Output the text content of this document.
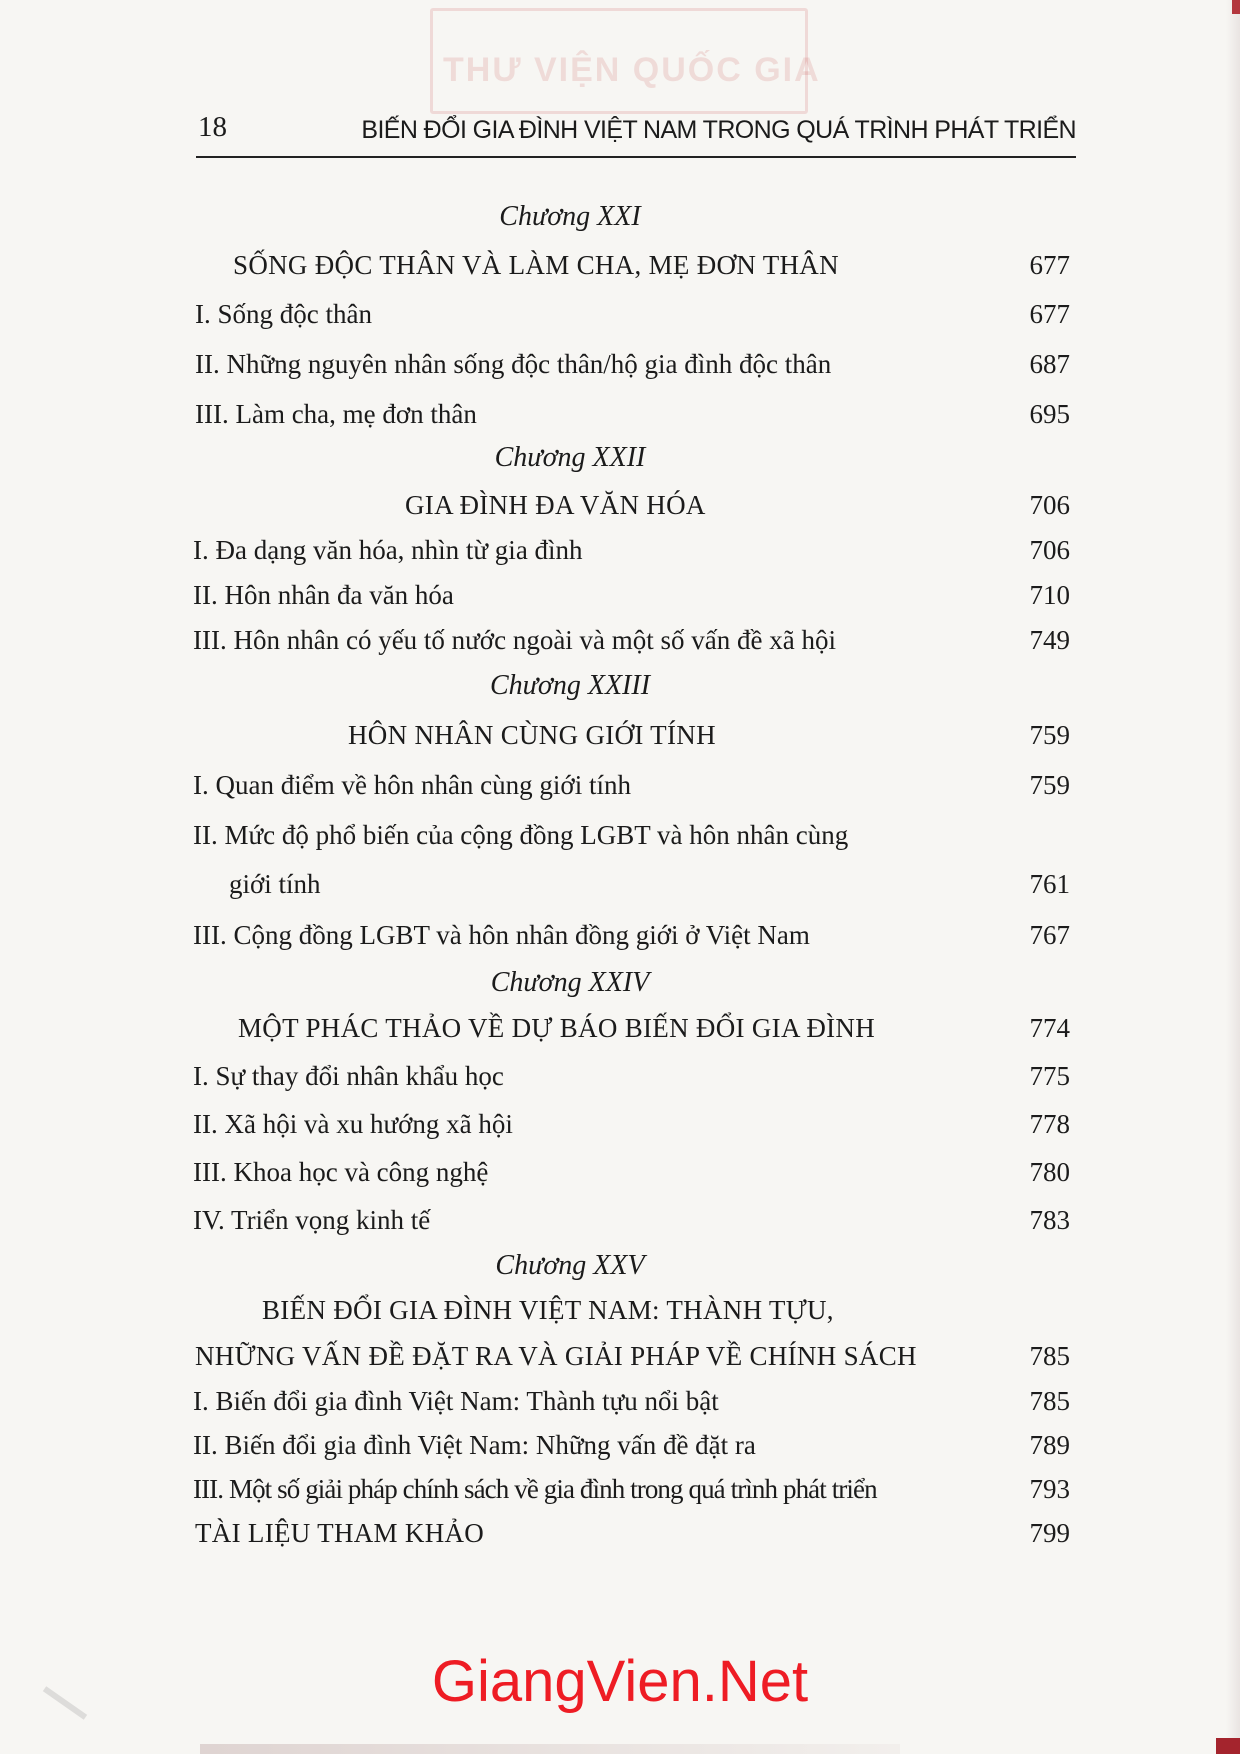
THƯ VIỆN QUỐC GIA
18	BIẾN ĐỔI GIA ĐÌNH VIỆT NAM TRONG QUÁ TRÌNH PHÁT TRIỂN
Chương XXI
SỐNG ĐỘC THÂN VÀ LÀM CHA, MẸ ĐƠN THÂN	677
I. Sống độc thân	677
II. Những nguyên nhân sống độc thân/hộ gia đình độc thân	687
III. Làm cha, mẹ đơn thân	695
Chương XXII
GIA ĐÌNH ĐA VĂN HÓA	706
I. Đa dạng văn hóa, nhìn từ gia đình	706
II. Hôn nhân đa văn hóa	710
III. Hôn nhân có yếu tố nước ngoài và một số vấn đề xã hội	749
Chương XXIII
HÔN NHÂN CÙNG GIỚI TÍNH	759
I. Quan điểm về hôn nhân cùng giới tính	759
II. Mức độ phổ biến của cộng đồng LGBT và hôn nhân cùng
giới tính	761
III. Cộng đồng LGBT và hôn nhân đồng giới ở Việt Nam	767
Chương XXIV
MỘT PHÁC THẢO VỀ DỰ BÁO BIẾN ĐỔI GIA ĐÌNH	774
I. Sự thay đổi nhân khẩu học	775
II. Xã hội và xu hướng xã hội	778
III. Khoa học và công nghệ	780
IV. Triển vọng kinh tế	783
Chương XXV
BIẾN ĐỔI GIA ĐÌNH VIỆT NAM: THÀNH TỰU,
NHỮNG VẤN ĐỀ ĐẶT RA VÀ GIẢI PHÁP VỀ CHÍNH SÁCH	785
I. Biến đổi gia đình Việt Nam: Thành tựu nổi bật	785
II. Biến đổi gia đình Việt Nam: Những vấn đề đặt ra	789
III. Một số giải pháp chính sách về gia đình trong quá trình phát triển	793
TÀI LIỆU THAM KHẢO	799
GiangVien.Net
